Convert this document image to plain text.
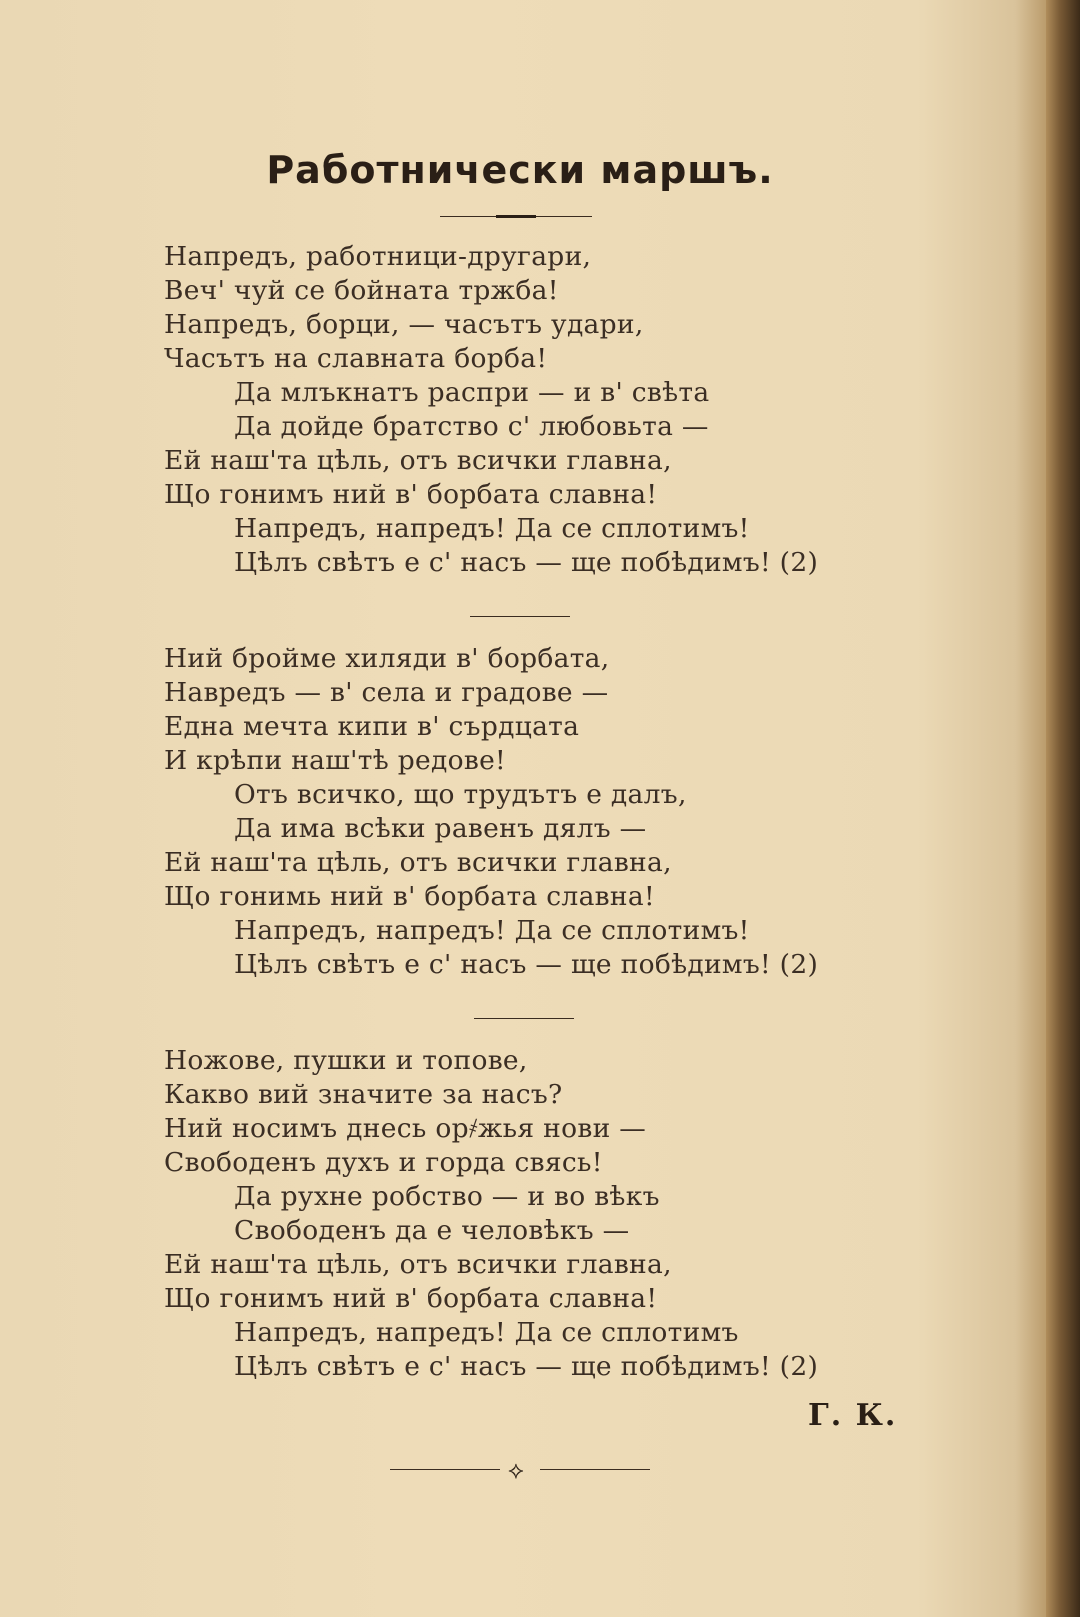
Работнически маршъ.
Напредъ, работници-другари,
Веч' чуй се бойната тржба!
Напредъ, борци, — часътъ удари,
Часътъ на славната борба!
Да млъкнатъ распри — и в' свѣта
Да дойде братство с' любовьта —
Ей наш'та цѣль, отъ всички главна,
Що гонимъ ний в' борбата славна!
Напредъ, напредъ! Да се сплотимъ!
Цѣлъ свѣтъ е с' насъ — ще побѣдимъ! (2)
Ний бройме хиляди в' борбата,
Навредъ — в' села и градове —
Една мечта кипи в' сърдцата
И крѣпи наш'тѣ редове!
Отъ всичко, що трудътъ е далъ,
Да има всѣки равенъ дялъ —
Ей наш'та цѣль, отъ всички главна,
Що гонимь ний в' борбата славна!
Напредъ, напредъ! Да се сплотимъ!
Цѣлъ свѣтъ е с' насъ — ще побѣдимъ! (2)
Ножове, пушки и топове,
Какво вий значите за насъ?
Ний носимъ днесь ор҂жья нови —
Свободенъ духъ и горда свясь!
Да рухне робство — и во вѣкъ
Свободенъ да е человѣкъ —
Ей наш'та цѣль, отъ всички главна,
Що гонимъ ний в' борбата славна!
Напредъ, напредъ! Да се сплотимъ
Цѣлъ свѣтъ е с' насъ — ще побѣдимъ! (2)
Г. К.
⟡
